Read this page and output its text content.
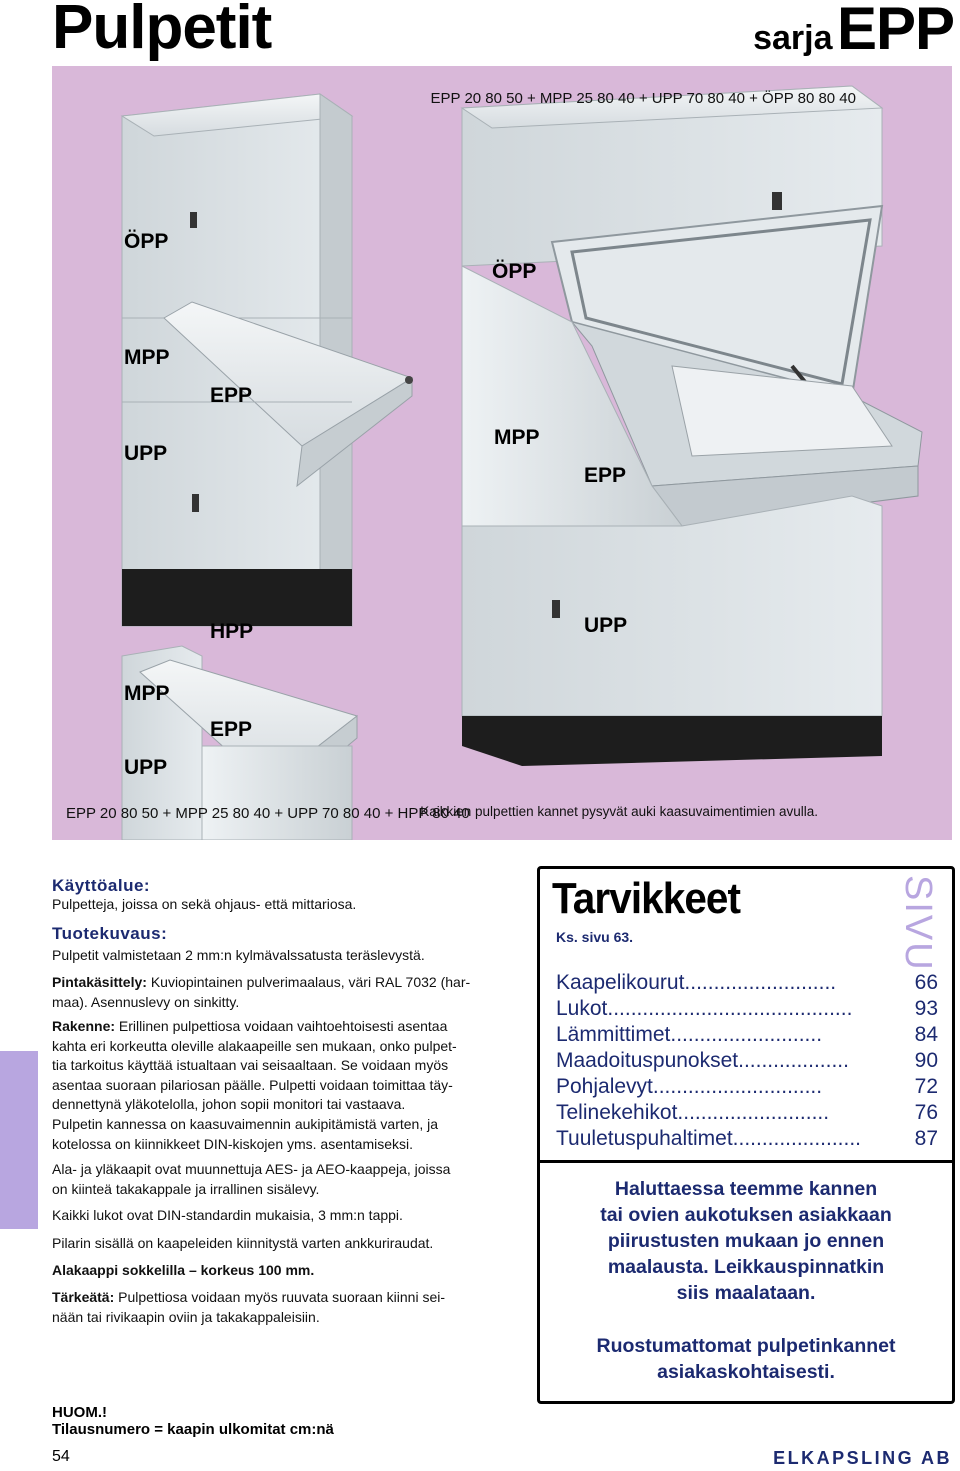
Pulpetit	sarja EPP
EPP 20 80 50 + MPP 25 80 40 + UPP 70 80 40 + ÖPP 80 80 40
EPP 20 80 50 + MPP 25 80 40 + UPP 70 80 40 + HPP 80 40
Kaikkien pulpettien kannet pysyvät auki kaasuvaimentimien avulla.
ÖPP
MPP
EPP
UPP
ÖPP
MPP
EPP
HPP	UPP
MPP
EPP
UPP
Käyttöalue:
Pulpetteja, joissa on sekä ohjaus- että mittariosa.
Tuotekuvaus:
Pulpetit valmistetaan 2 mm:n kylmävalssatusta teräslevystä.
Pintakäsittely: Kuviopintainen pulverimaalaus, väri RAL 7032 (har-
maa). Asennuslevy on sinkitty.
Rakenne: Erillinen pulpettiosa voidaan vaihtoehtoisesti asentaa
kahta eri korkeutta oleville alakaapeille sen mukaan, onko pulpet-
tia tarkoitus käyttää istualtaan vai seisaaltaan. Se voidaan myös
asentaa suoraan pilariosan päälle. Pulpetti voidaan toimittaa täy-
dennettynä yläkotelolla, johon sopii monitori tai vastaava.
Pulpetin kannessa on kaasuvaimennin aukipitämistä varten, ja
kotelossa on kiinnikkeet DIN-kiskojen yms. asentamiseksi.
Ala- ja yläkaapit ovat muunnettuja AES- ja AEO-kaappeja, joissa
on kiinteä takakappale ja irrallinen sisälevy.
Kaikki lukot ovat DIN-standardin mukaisia, 3 mm:n tappi.
Pilarin sisällä on kaapeleiden kiinnitystä varten ankkuriraudat.
Alakaappi sokkelilla – korkeus 100 mm.
Tärkeätä: Pulpettiosa voidaan myös ruuvata suoraan kiinni sei-
nään tai rivikaapin oviin ja takakappaleisiin.
Tarvikkeet
Ks. sivu 63.	SIVU
Kaapelikourut ..........................	66
Lukot ..........................................	93
Lämmittimet ..........................	84
Maadoituspunokset ...................	90
Pohjalevyt .............................	72
Telinekehikot ..........................	76
Tuuletuspuhaltimet ......................	87
Haluttaessa teemme kannen
tai ovien aukotuksen asiakkaan
piirustusten mukaan jo ennen
maalausta. Leikkauspinnatkin
siis maalataan.
Ruostumattomat pulpetinkannet
asiakaskohtaisesti.
HUOM.!
Tilausnumero = kaapin ulkomitat cm:nä
54	ELKAPSLING AB
